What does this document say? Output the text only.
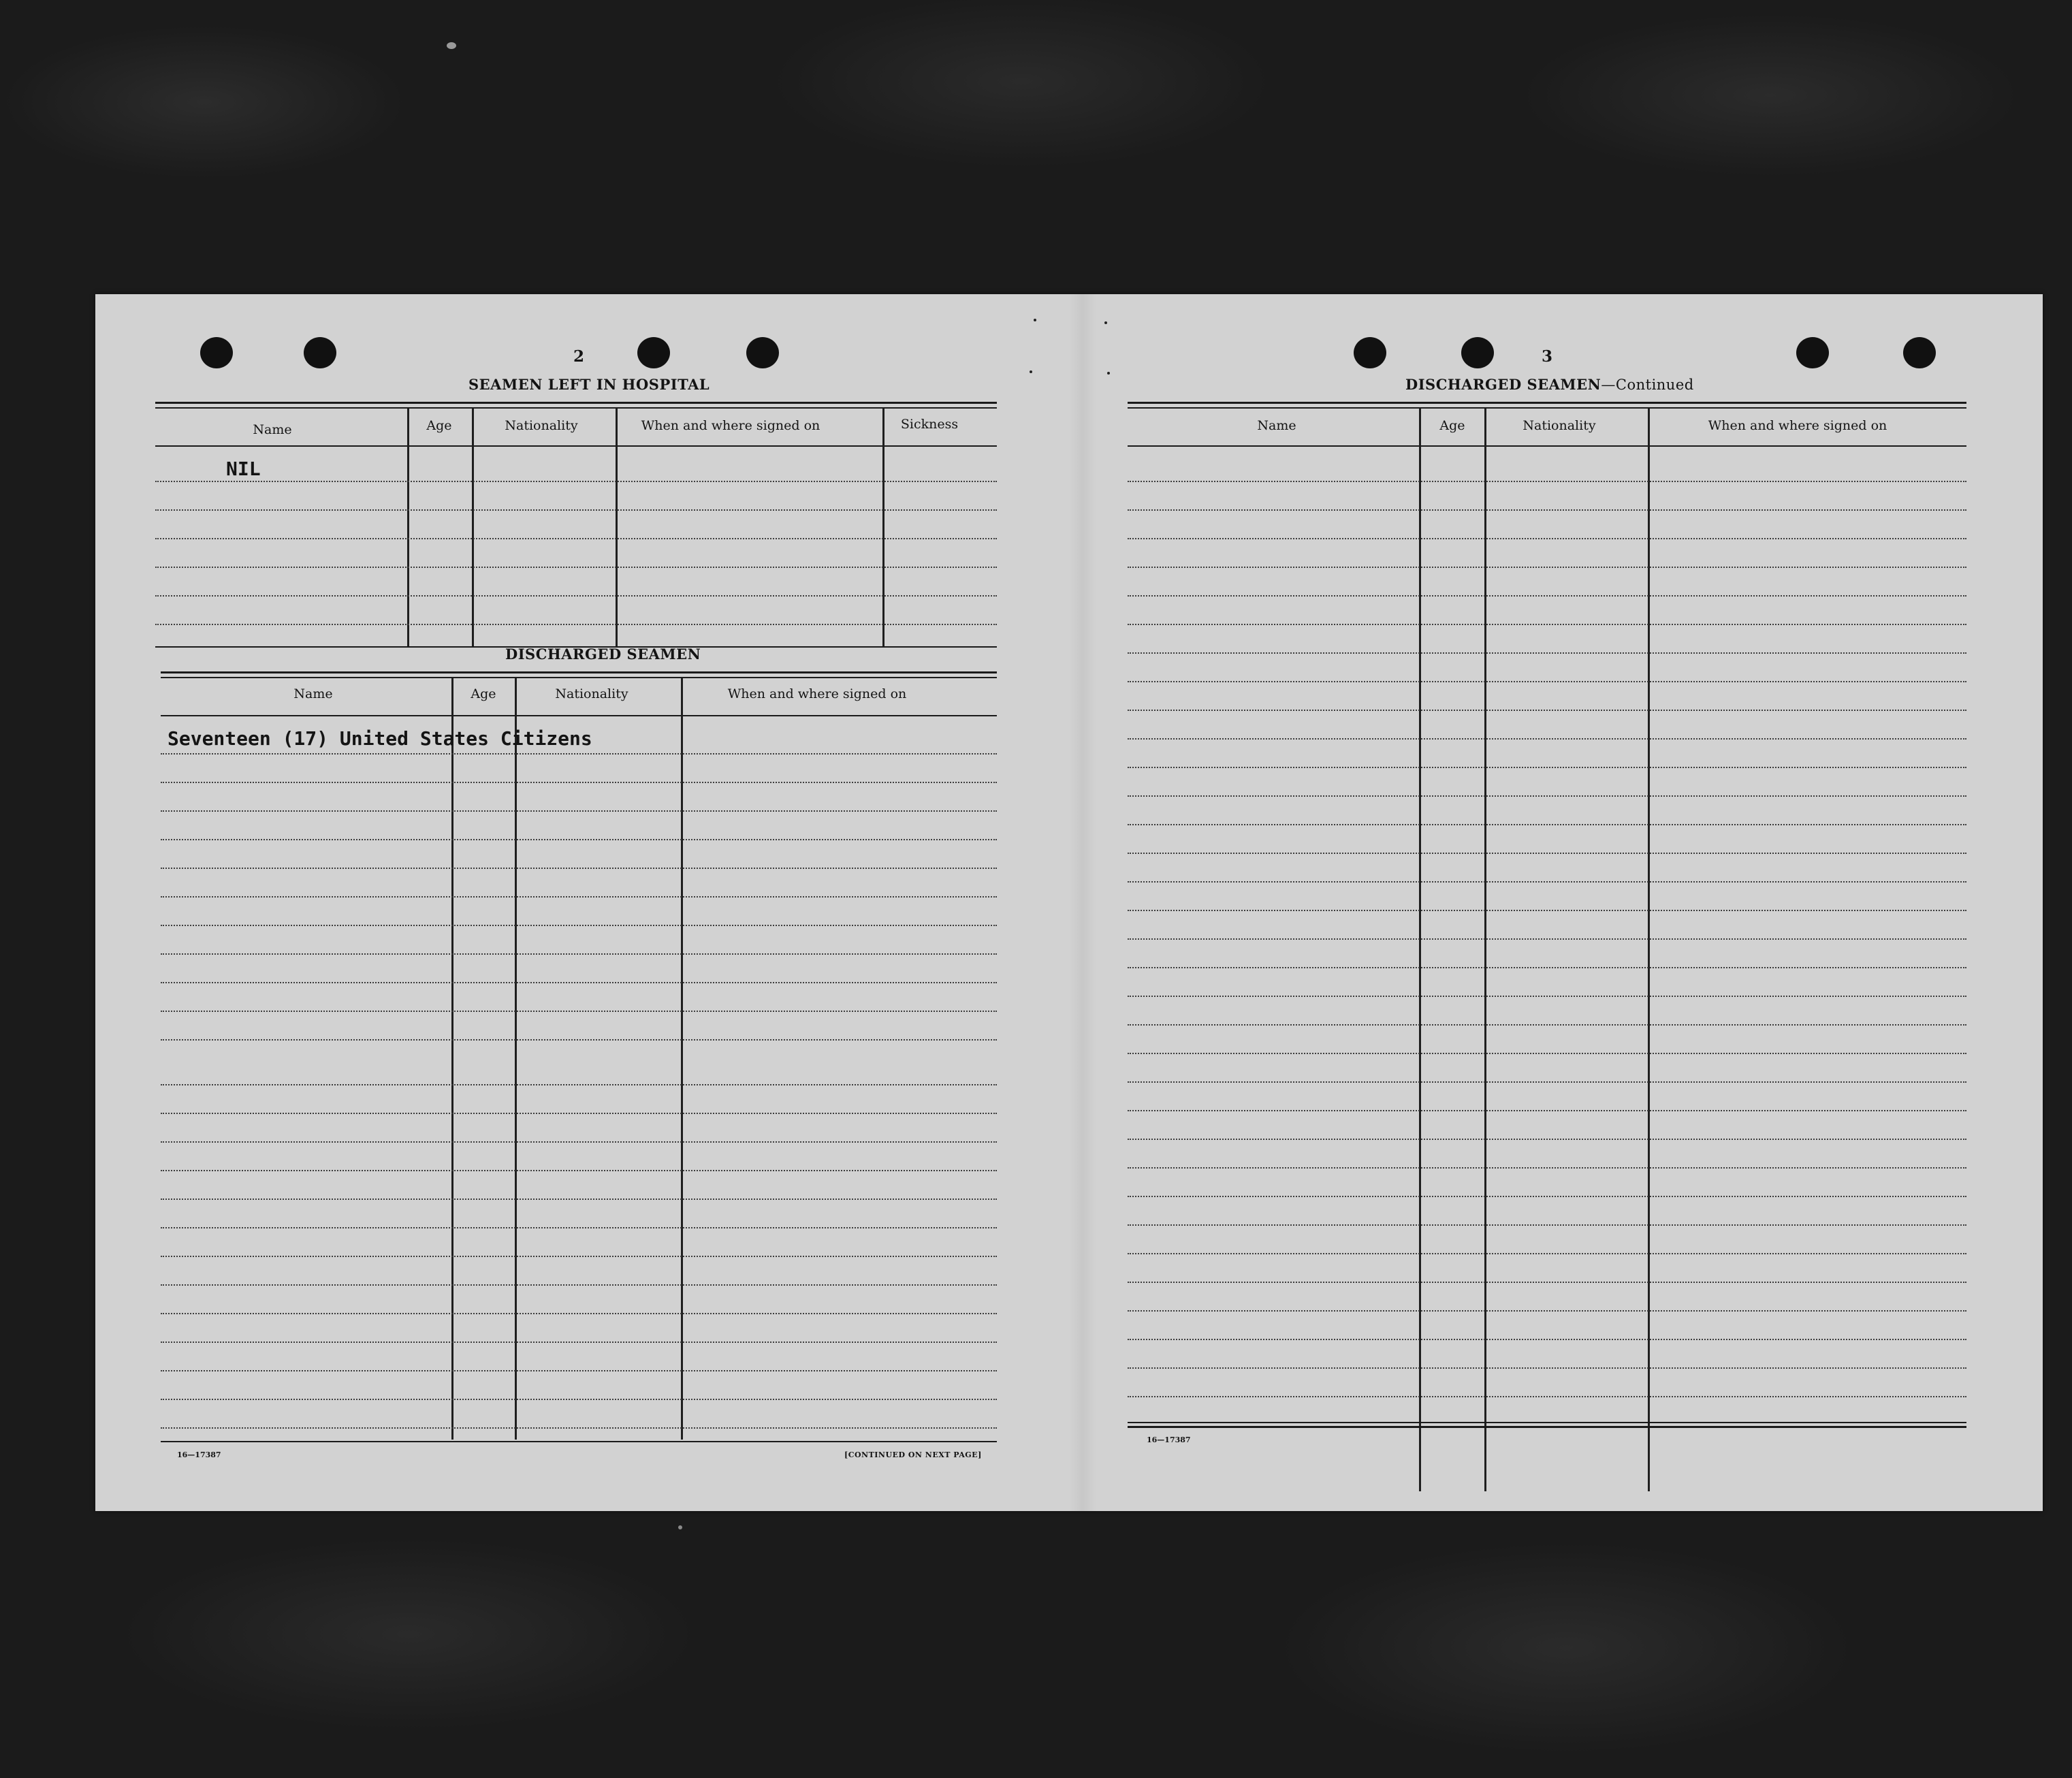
2
SEAMEN LEFT IN HOSPITAL
Name	Age	Nationality	When and where signed on	Sickness
NIL
DISCHARGED SEAMEN
Name	Age	Nationality	When and where signed on
Seventeen (17) United States Citizens
16—17387	[CONTINUED ON NEXT PAGE]
3
DISCHARGED SEAMEN—Continued
Name	Age	Nationality	When and where signed on
16—17387
